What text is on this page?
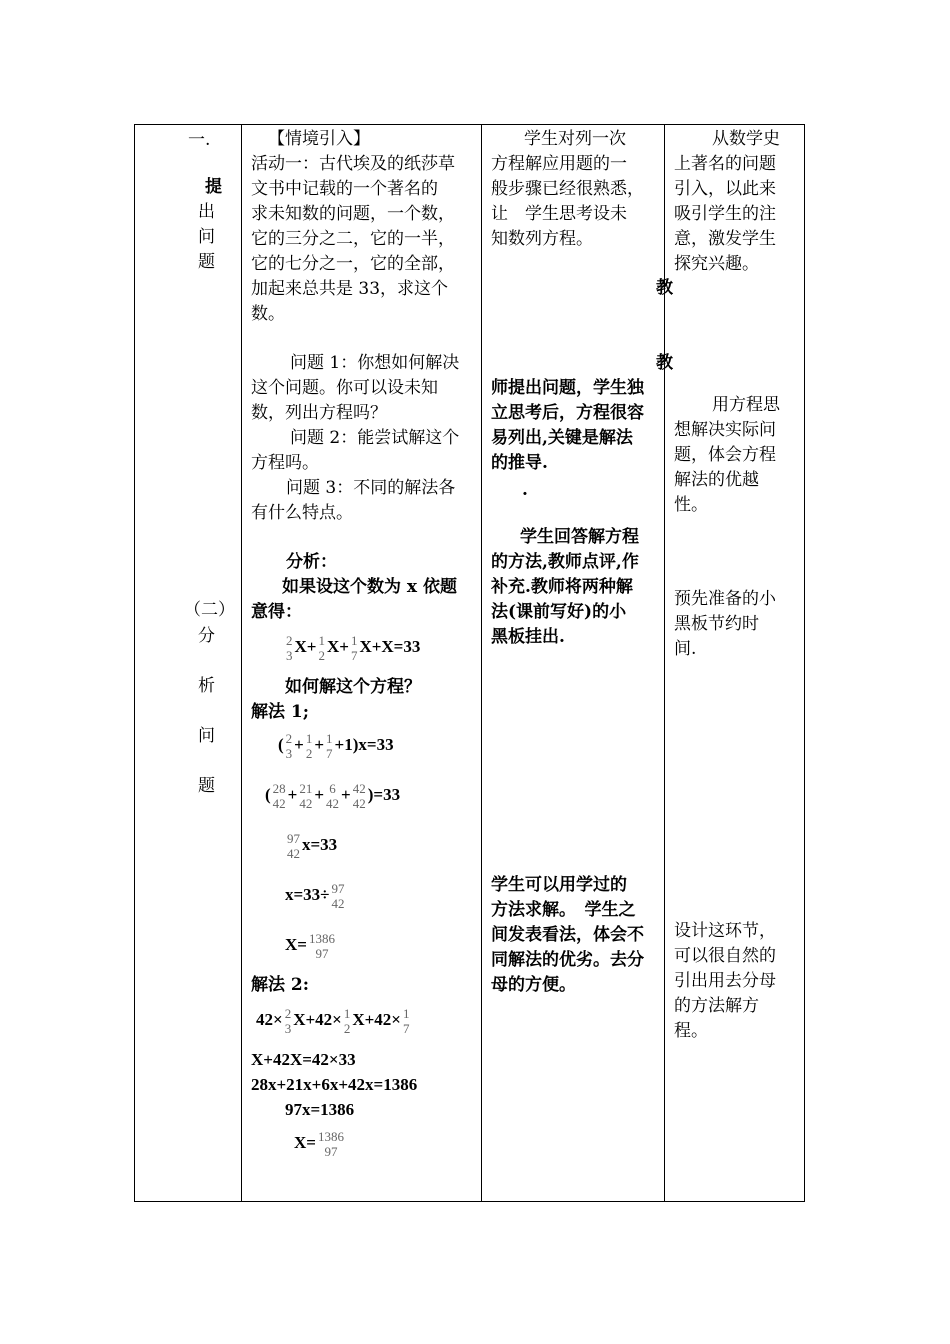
一.
提
出
问
题
（二）
分
析
问
题
【情境引入】
活动一：古代埃及的纸莎草
文书中记载的一个著名的
求未知数的问题，一个数，
它的三分之二，它的一半，
它的七分之一，它的全部，
加起来总共是 33，求这个
数。
问题 1：你想如何解决
这个问题。你可以设未知
数，列出方程吗？
问题 2：能尝试解这个
方程吗。
问题 3：不同的解法各
有什么特点。
分析：
如果设这个数为 x 依题
意得：
2
3 X+ 1
2 X+ 1
7 X+X=33
如何解这个方程？
解法 1;
( 2
3 + 1
2 + 1
7 +1)x=33
( 28
42 + 21
42 + 6
42 + 42
42 )=33
97
42 x=33
x=33÷ 97
42
X= 1386
97
解法 2:
42× 2
3 X+42× 1
2 X+42× 1
7
X+42X=42×33
28x+21x+6x+42x=1386
97x=1386
X= 1386
97
学生对列一次
方程解应用题的一
般步骤已经很熟悉，
让　学生思考设未
知数列方程。
教
教
师提出问题，学生独
立思考后，方程很容
易列出,关键是解法
的推导.
.
学生回答解方程
的方法,教师点评,作
补充.教师将两种解
法(课前写好)的小
黑板挂出.
学生可以用学过的
方法求解。　学生之
间发表看法，体会不
同解法的优劣。去分
母的方便。
从数学史
上著名的问题
引入，以此来
吸引学生的注
意，激发学生
探究兴趣。
用方程思
想解决实际问
题，体会方程
解法的优越
性。
预先准备的小
黑板节约时
间.
设计这环节，
可以很自然的
引出用去分母
的方法解方
程。
